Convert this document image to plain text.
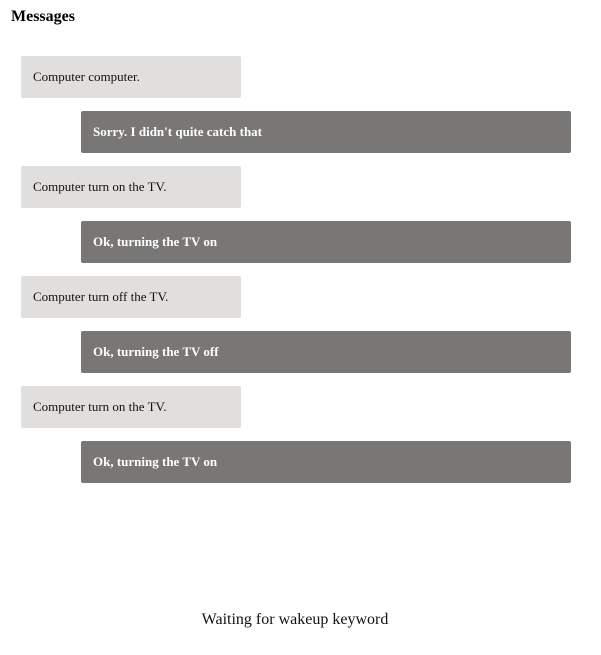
Messages
Computer computer.
Sorry. I didn't quite catch that
Computer turn on the TV.
Ok, turning the TV on
Computer turn off the TV.
Ok, turning the TV off
Computer turn on the TV.
Ok, turning the TV on
Waiting for wakeup keyword
